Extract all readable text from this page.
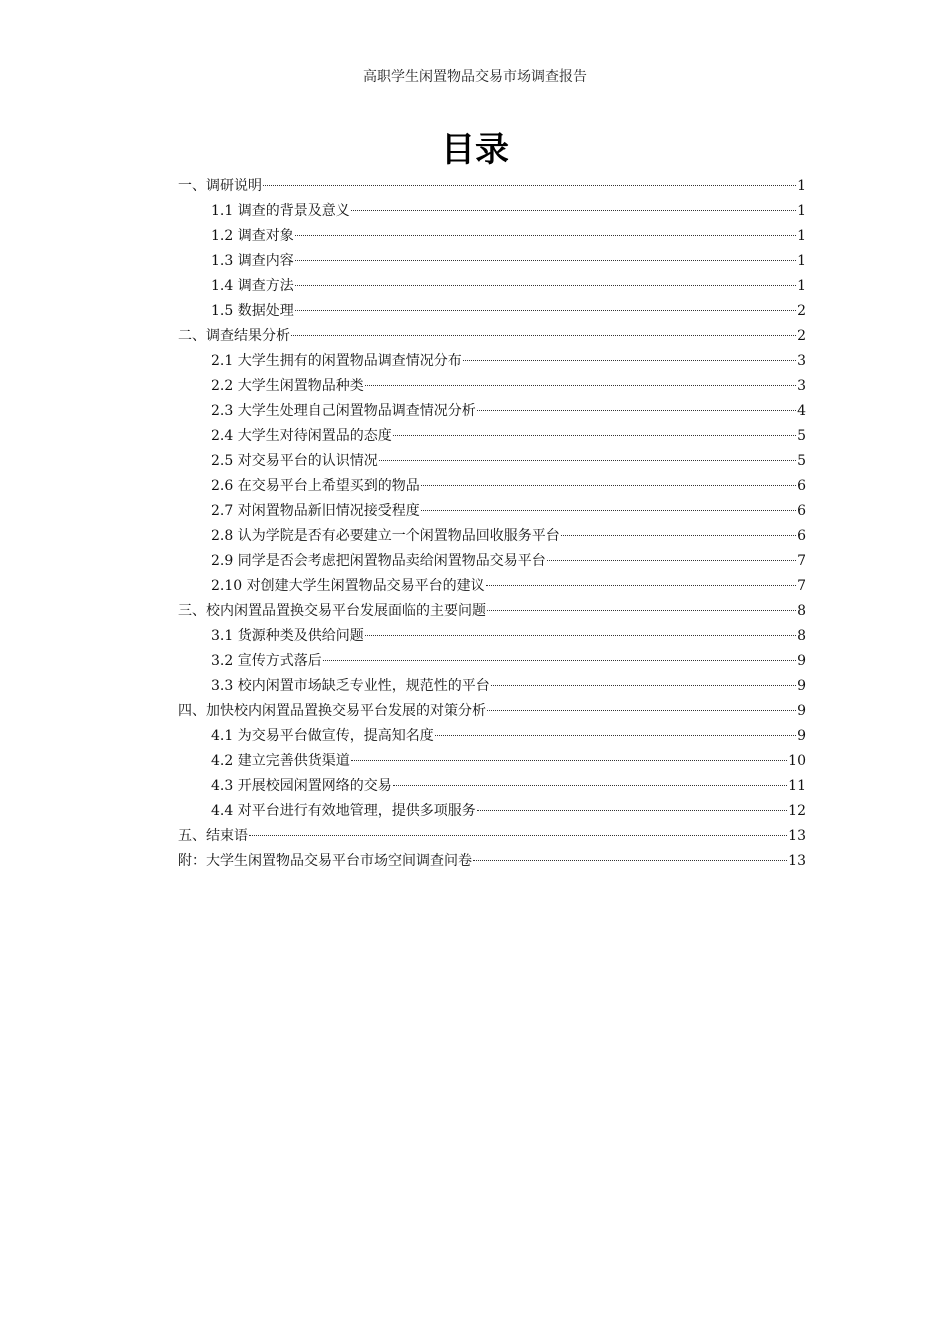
高职学生闲置物品交易市场调查报告
目录
一、调研说明	1
1.1 调查的背景及意义	1
1.2 调查对象	1
1.3 调查内容	1
1.4 调查方法	1
1.5 数据处理	2
二、调查结果分析	2
2.1 大学生拥有的闲置物品调查情况分布	3
2.2 大学生闲置物品种类	3
2.3 大学生处理自己闲置物品调查情况分析	4
2.4 大学生对待闲置品的态度	5
2.5 对交易平台的认识情况	5
2.6 在交易平台上希望买到的物品	6
2.7 对闲置物品新旧情况接受程度	6
2.8 认为学院是否有必要建立一个闲置物品回收服务平台	6
2.9 同学是否会考虑把闲置物品卖给闲置物品交易平台	7
2.10 对创建大学生闲置物品交易平台的建议	7
三、校内闲置品置换交易平台发展面临的主要问题	8
3.1 货源种类及供给问题	8
3.2 宣传方式落后	9
3.3 校内闲置市场缺乏专业性，规范性的平台	9
四、加快校内闲置品置换交易平台发展的对策分析	9
4.1 为交易平台做宣传，提高知名度	9
4.2 建立完善供货渠道	10
4.3 开展校园闲置网络的交易	11
4.4 对平台进行有效地管理，提供多项服务	12
五、结束语	13
附：大学生闲置物品交易平台市场空间调查问卷	13
